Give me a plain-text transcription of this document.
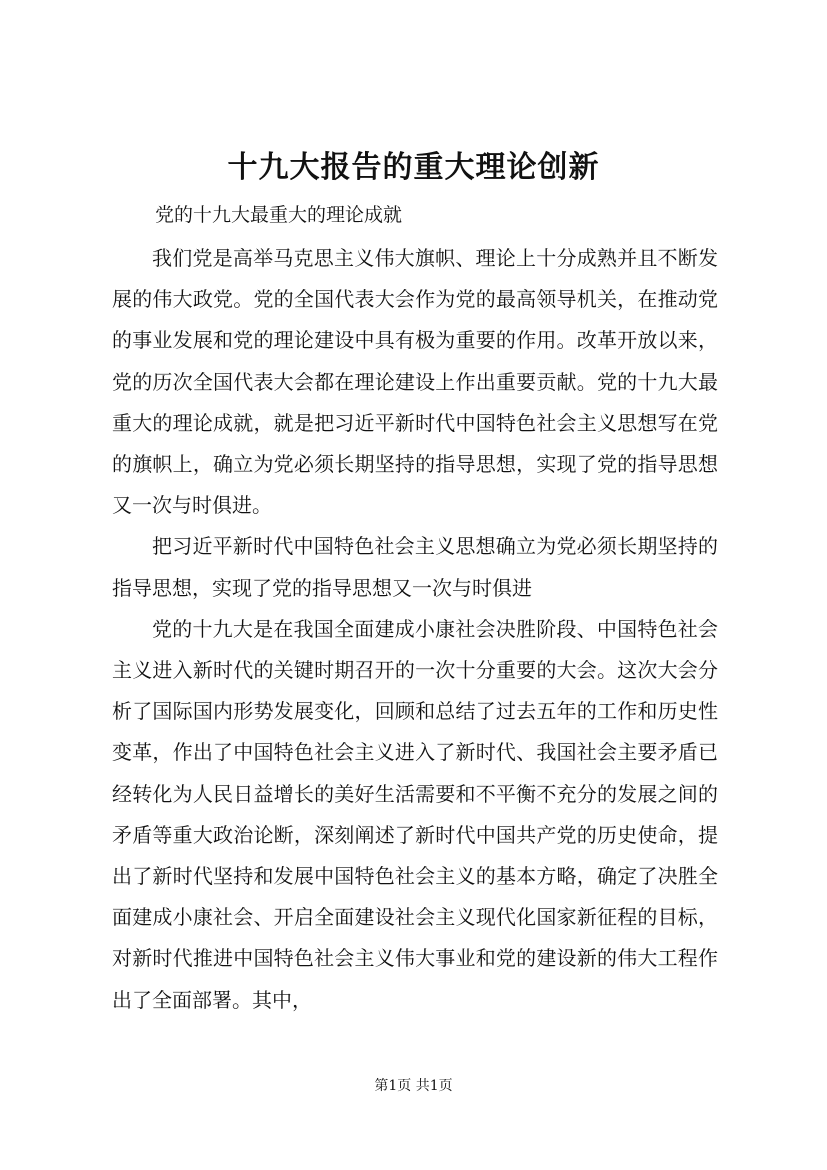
十九大报告的重大理论创新

党的十九大最重大的理论成就

我们党是高举马克思主义伟大旗帜、理论上十分成熟并且不断发展的伟大政党。党的全国代表大会作为党的最高领导机关，在推动党的事业发展和党的理论建设中具有极为重要的作用。改革开放以来，党的历次全国代表大会都在理论建设上作出重要贡献。党的十九大最重大的理论成就，就是把习近平新时代中国特色社会主义思想写在党的旗帜上，确立为党必须长期坚持的指导思想，实现了党的指导思想又一次与时俱进。

把习近平新时代中国特色社会主义思想确立为党必须长期坚持的指导思想，实现了党的指导思想又一次与时俱进

党的十九大是在我国全面建成小康社会决胜阶段、中国特色社会主义进入新时代的关键时期召开的一次十分重要的大会。这次大会分析了国际国内形势发展变化，回顾和总结了过去五年的工作和历史性变革，作出了中国特色社会主义进入了新时代、我国社会主要矛盾已经转化为人民日益增长的美好生活需要和不平衡不充分的发展之间的矛盾等重大政治论断，深刻阐述了新时代中国共产党的历史使命，提出了新时代坚持和发展中国特色社会主义的基本方略，确定了决胜全面建成小康社会、开启全面建设社会主义现代化国家新征程的目标，对新时代推进中国特色社会主义伟大事业和党的建设新的伟大工程作出了全面部署。其中，

第1页 共1页
